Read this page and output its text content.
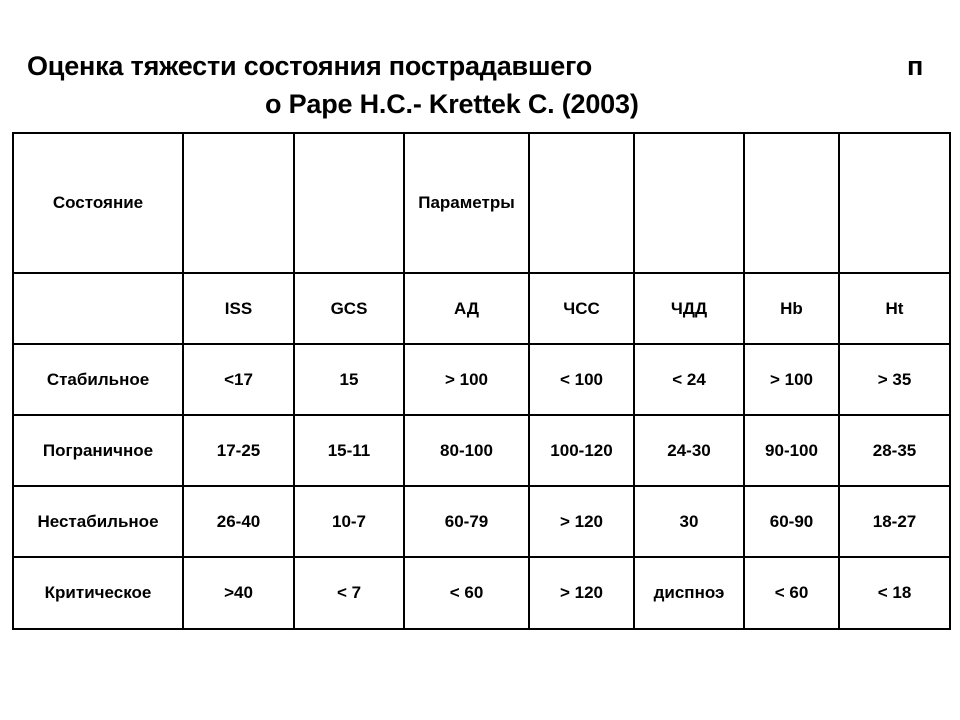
Оценка тяжести состояния пострадавшего	п
о Pape H.C.- Krettek C. (2003)
Состояние			Параметры				
	ISS	GCS	АД	ЧСС	ЧДД	Hb	Ht
Стабильное	<17	15	> 100	< 100	< 24	> 100	> 35
Пограничное	17-25	15-11	80-100	100-120	24-30	90-100	28-35
Нестабильное	26-40	10-7	60-79	> 120	30	60-90	18-27
Критическое	>40	< 7	< 60	> 120	диспноэ	< 60	< 18
